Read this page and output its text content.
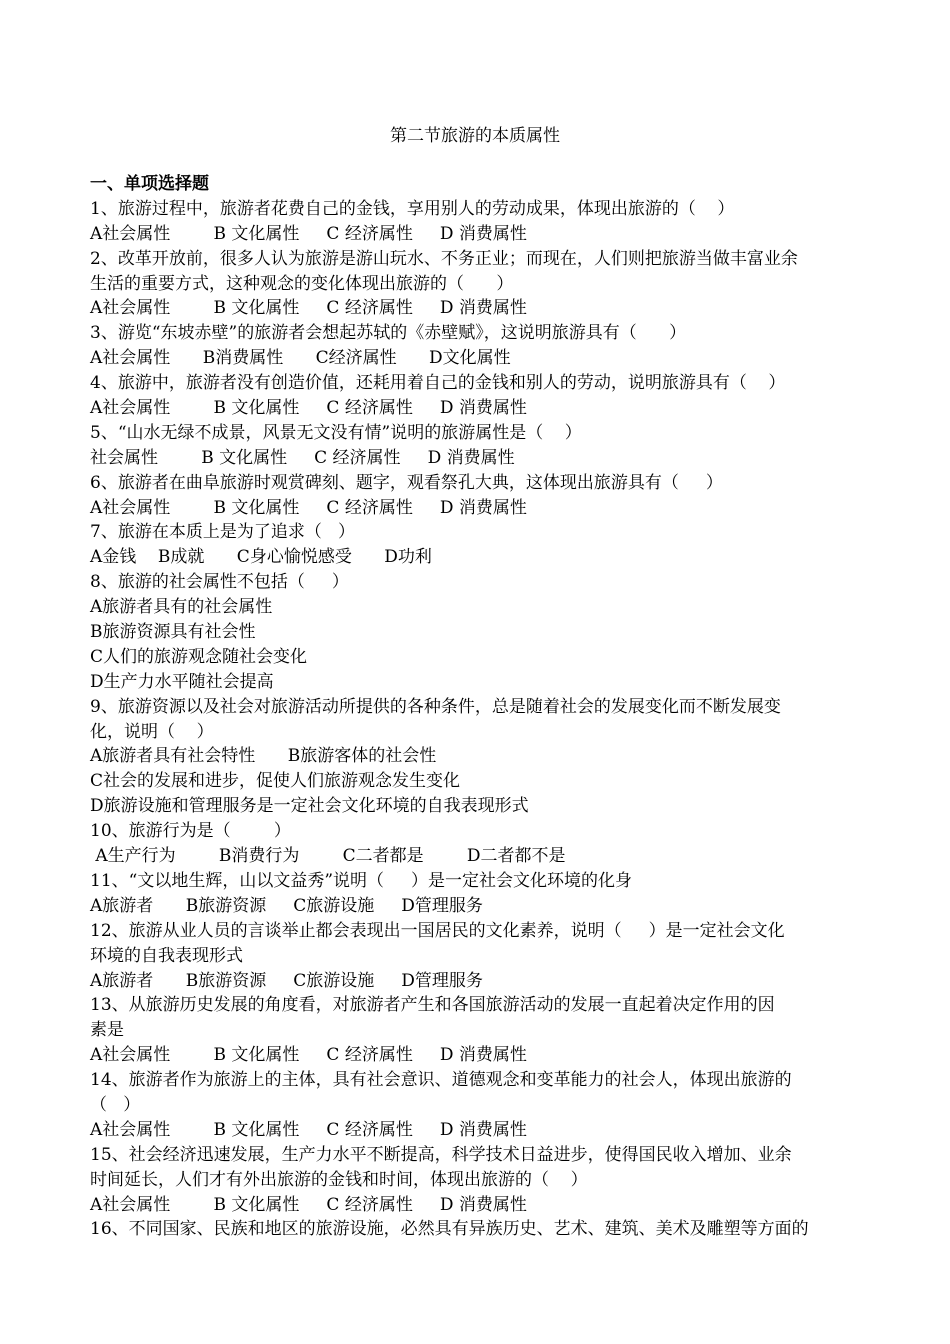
第二节旅游的本质属性
一、单项选择题
1、旅游过程中，旅游者花费自己的金钱，享用别人的劳动成果，体现出旅游的（    ）
A社会属性        B 文化属性     C 经济属性     D 消费属性
2、改革开放前，很多人认为旅游是游山玩水、不务正业；而现在，人们则把旅游当做丰富业余
生活的重要方式，这种观念的变化体现出旅游的（      ）
A社会属性        B 文化属性     C 经济属性     D 消费属性
3、游览“东坡赤壁”的旅游者会想起苏轼的《赤壁赋》，这说明旅游具有（      ）
A社会属性      B消费属性      C经济属性      D文化属性
4、旅游中，旅游者没有创造价值，还耗用着自己的金钱和别人的劳动，说明旅游具有（    ）
A社会属性        B 文化属性     C 经济属性     D 消费属性
5、“山水无绿不成景，风景无文没有情”说明的旅游属性是（    ）
社会属性        B 文化属性     C 经济属性     D 消费属性
6、旅游者在曲阜旅游时观赏碑刻、题字，观看祭孔大典，这体现出旅游具有（     ）
A社会属性        B 文化属性     C 经济属性     D 消费属性
7、旅游在本质上是为了追求（   ）
A金钱    B成就      C身心愉悦感受      D功利
8、旅游的社会属性不包括（     ）
A旅游者具有的社会属性
B旅游资源具有社会性
C人们的旅游观念随社会变化
D生产力水平随社会提高
9、旅游资源以及社会对旅游活动所提供的各种条件，总是随着社会的发展变化而不断发展变
化，说明（    ）
A旅游者具有社会特性      B旅游客体的社会性
C社会的发展和进步，促使人们旅游观念发生变化
D旅游设施和管理服务是一定社会文化环境的自我表现形式
10、旅游行为是（        ）
A生产行为        B消费行为        C二者都是        D二者都不是
11、“文以地生辉，山以文益秀”说明（     ）是一定社会文化环境的化身
A旅游者      B旅游资源     C旅游设施     D管理服务
12、旅游从业人员的言谈举止都会表现出一国居民的文化素养，说明（     ）是一定社会文化
环境的自我表现形式
A旅游者      B旅游资源     C旅游设施     D管理服务
13、从旅游历史发展的角度看，对旅游者产生和各国旅游活动的发展一直起着决定作用的因
素是
A社会属性        B 文化属性     C 经济属性     D 消费属性
14、旅游者作为旅游上的主体，具有社会意识、道德观念和变革能力的社会人，体现出旅游的
（   ）
A社会属性        B 文化属性     C 经济属性     D 消费属性
15、社会经济迅速发展，生产力水平不断提高，科学技术日益进步，使得国民收入增加、业余
时间延长，人们才有外出旅游的金钱和时间，体现出旅游的（    ）
A社会属性        B 文化属性     C 经济属性     D 消费属性
16、不同国家、民族和地区的旅游设施，必然具有异族历史、艺术、建筑、美术及雕塑等方面的
